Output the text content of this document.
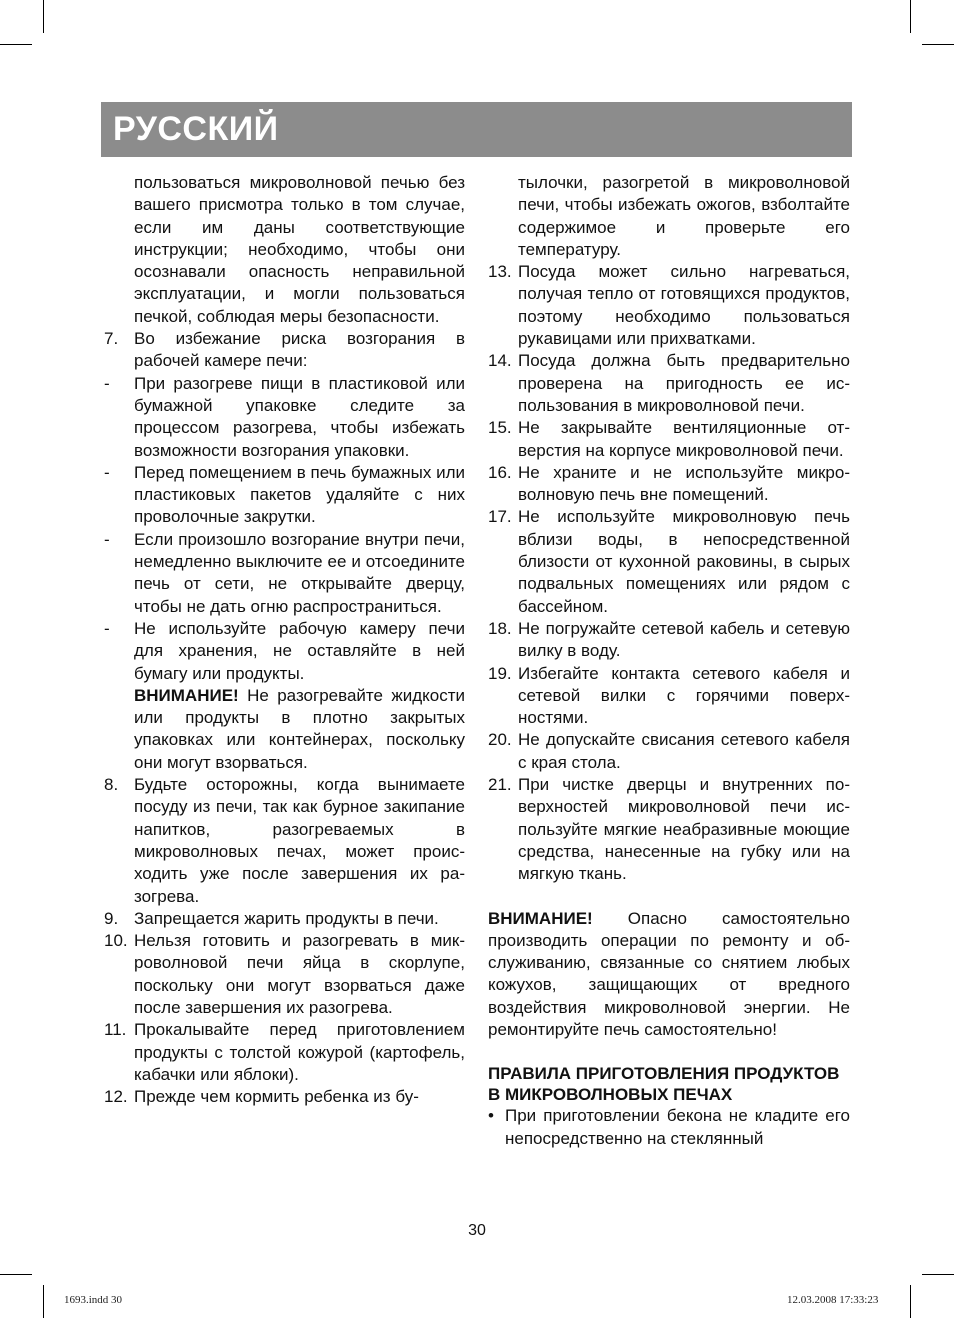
РУССКИЙ
пользоваться микроволновой печью без вашего присмотра только в том случае, если им даны соответствующие инструкции; необходимо, чтобы они осознавали опасность неправильной эксплуатации, и могли пользоваться печкой, соблюдая меры безопасности.
7. Во избежание риска возгорания в рабочей камере печи:
-	При разогреве пищи в пластиковой или бумажной упаковке следите за процессом разогрева, чтобы избежать возможности возгорания упаковки.
-	Перед помещением в печь бумажных или пластиковых пакетов удаляйте с них проволочные закрутки.
-	Если произошло возгорание внутри печи, немедленно выключите ее и отсоедините печь от сети, не открывайте дверцу, чтобы не дать огню распространиться.
-	Не используйте рабочую камеру печи для хранения, не оставляйте в ней бумагу или продукты.
ВНИМАНИЕ! Не разогревайте жидкости или продукты в плотно закрытых упаковках или контейнерах, поскольку они могут взорваться.
8. Будьте осторожны, когда вынимаете посуду из печи, так как бурное закипание напитков, разогреваемых в микроволновых печах, может происходить уже после завершения их разогрева.
9. Запрещается жарить продукты в печи.
10. Нельзя готовить и разогревать в микроволновой печи яйца в скорлупе, поскольку они могут взорваться даже после завершения их разогрева.
11. Прокалывайте перед приготовлением продукты с толстой кожурой (картофель, кабачки или яблоки).
12. Прежде чем кормить ребенка из бу-
тылочки, разогретой в микроволновой печи, чтобы избежать ожогов, взболтайте содержимое и проверьте его температуру.
13. Посуда может сильно нагреваться, получая тепло от готовящихся продуктов, поэтому необходимо пользоваться рукавицами или прихватками.
14. Посуда должна быть предварительно проверена на пригодность ее использования в микроволновой печи.
15. Не закрывайте вентиляционные отверстия на корпусе микроволновой печи.
16. Не храните и не используйте микроволновую печь вне помещений.
17. Не используйте микроволновую печь вблизи воды, в непосредственной близости от кухонной раковины, в сырых подвальных помещениях или рядом с бассейном.
18. Не погружайте сетевой кабель и сетевую вилку в воду.
19. Избегайте контакта сетевого кабеля и сетевой вилки с горячими поверхностями.
20. Не допускайте свисания сетевого кабеля с края стола.
21. При чистке дверцы и внутренних поверхностей микроволновой печи используйте мягкие неабразивные моющие средства, нанесенные на губку или на мягкую ткань.
ВНИМАНИЕ! Опасно самостоятельно производить операции по ремонту и обслуживанию, связанные со снятием любых кожухов, защищающих от вредного воздействия микроволновой энергии. Не ремонтируйте печь самостоятельно!
ПРАВИЛА ПРИГОТОВЛЕНИЯ ПРОДУКТОВ В МИКРОВОЛНОВЫХ ПЕЧАХ
• При приготовлении бекона не кладите его непосредственно на стеклянный
30
1693.indd 30	12.03.2008 17:33:23
